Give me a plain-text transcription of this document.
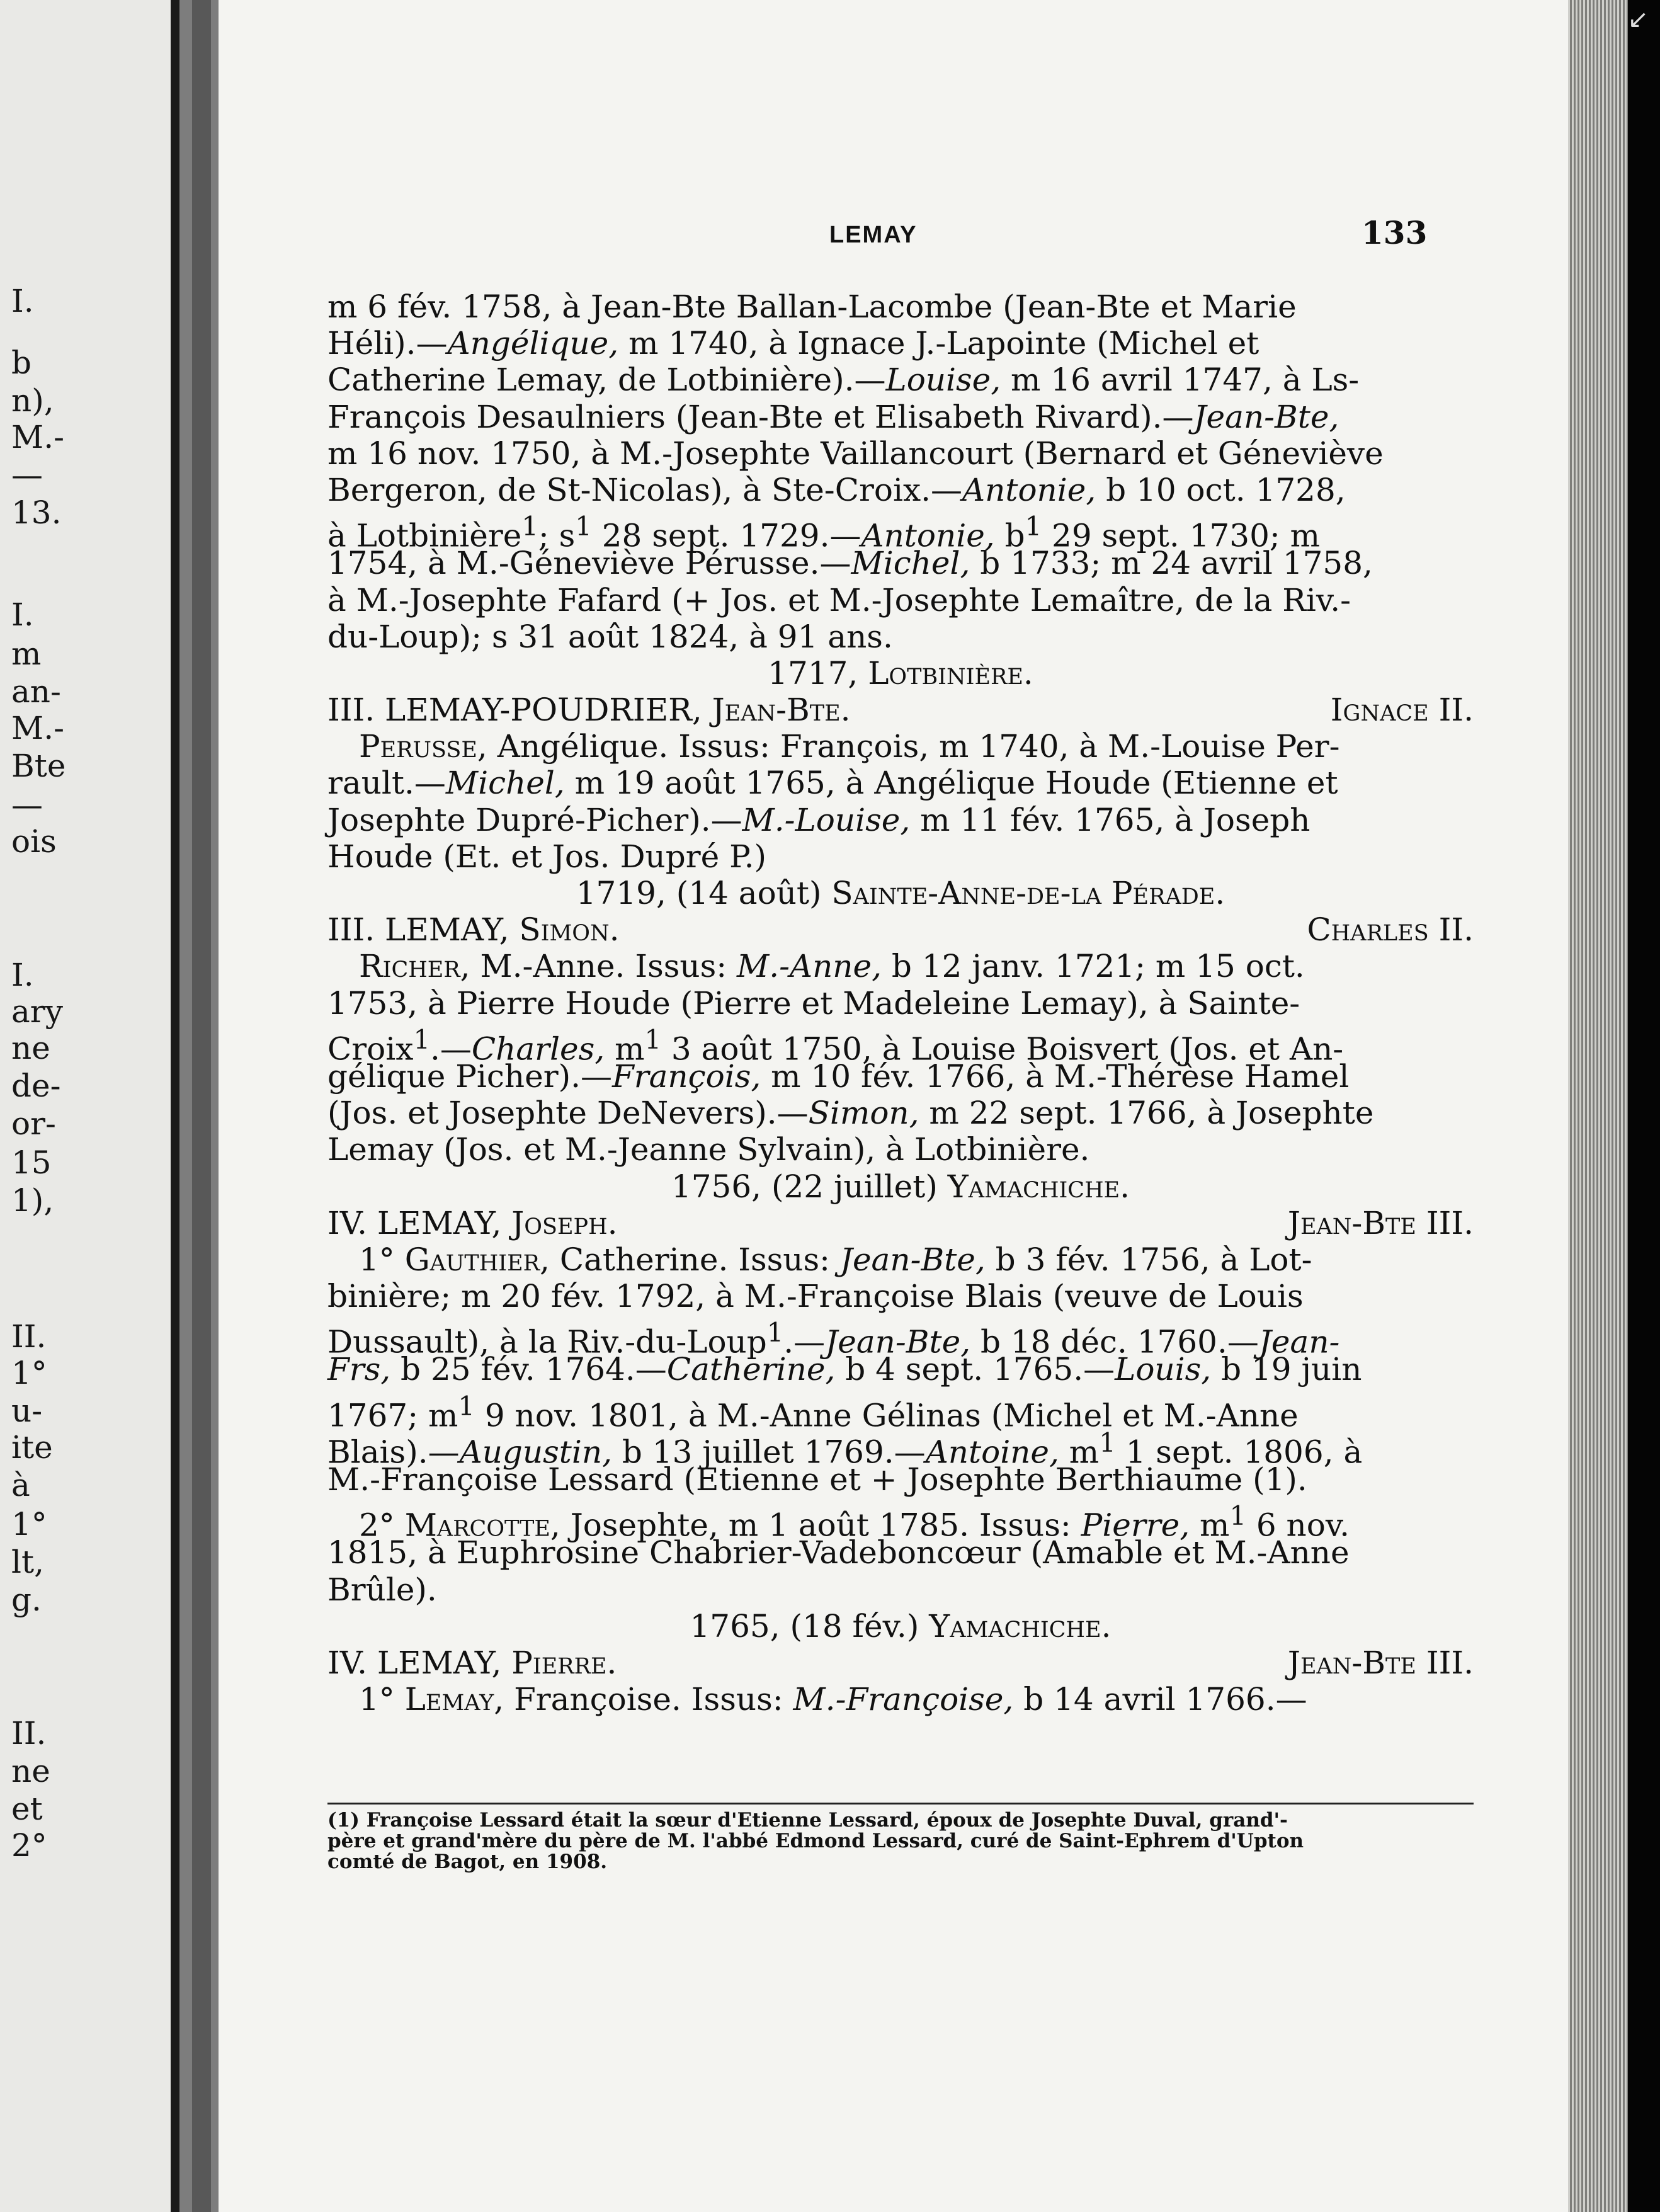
I.
b
n),
M.-
—
13.
I.
m
an-
M.-
Bte
—
ois
I.
ary
ne
de-
or-
15
1),
II.
1°
u-
ite
à
1°
lt,
g.
II.
ne
et
2°
LEMAY	133
m 6 fév. 1758, à Jean-Bte Ballan-Lacombe (Jean-Bte et Marie
Héli).—Angélique, m 1740, à Ignace J.-Lapointe (Michel et
Catherine Lemay, de Lotbinière).—Louise, m 16 avril 1747, à Ls-
François Desaulniers (Jean-Bte et Elisabeth Rivard).—Jean-Bte,
m 16 nov. 1750, à M.-Josephte Vaillancourt (Bernard et Géneviève
Bergeron, de St-Nicolas), à Ste-Croix.—Antonie, b 10 oct. 1728,
à Lotbinière$^1$; $s^1$ 28 sept. 1729.—Antonie, $b^1$ 29 sept. 1730; m
1754, à M.-Géneviève Pérusse.—Michel, b 1733; m 24 avril 1758,
à M.-Josephte Fafard (+ Jos. et M.-Josephte Lemaître, de la Riv.-
du-Loup); s 31 août 1824, à 91 ans.
1717, Lotbinière.
III. LEMAY-POUDRIER, Jean-Bte.	Ignace II.
Perusse, Angélique. Issus: François, m 1740, à M.-Louise Per-
rault.—Michel, m 19 août 1765, à Angélique Houde (Etienne et
Josephte Dupré-Picher).—M.-Louise, m 11 fév. 1765, à Joseph
Houde (Et. et Jos. Dupré P.)
1719, (14 août) Sainte-Anne-de-la Pérade.
III. LEMAY, Simon.	Charles II.
Richer, M.-Anne. Issus: M.-Anne, b 12 janv. 1721; m 15 oct.
1753, à Pierre Houde (Pierre et Madeleine Lemay), à Sainte-
Croix$^1$.—Charles, $m^1$ 3 août 1750, à Louise Boisvert (Jos. et An-
gélique Picher).—François, m 10 fév. 1766, à M.-Thérèse Hamel
(Jos. et Josephte DeNevers).—Simon, m 22 sept. 1766, à Josephte
Lemay (Jos. et M.-Jeanne Sylvain), à Lotbinière.
1756, (22 juillet) Yamachiche.
IV. LEMAY, Joseph.	Jean-Bte III.
1° Gauthier, Catherine. Issus: Jean-Bte, b 3 fév. 1756, à Lot-
binière; m 20 fév. 1792, à M.-Françoise Blais (veuve de Louis
Dussault), à la Riv.-du-Loup$^1$.—Jean-Bte, b 18 déc. 1760.—Jean-
Frs, b 25 fév. 1764.—Catherine, b 4 sept. 1765.—Louis, b 19 juin
1767; $m^1$ 9 nov. 1801, à M.-Anne Gélinas (Michel et M.-Anne
Blais).—Augustin, b 13 juillet 1769.—Antoine, $m^1$ 1 sept. 1806, à
M.-Françoise Lessard (Etienne et + Josephte Berthiaume (1).
2° Marcotte, Josephte, m 1 août 1785. Issus: Pierre, $m^1$ 6 nov.
1815, à Euphrosine Chabrier-Vadeboncœur (Amable et M.-Anne
Brûle).
1765, (18 fév.) Yamachiche.
IV. LEMAY, Pierre.	Jean-Bte III.
1° Lemay, Françoise. Issus: M.-Françoise, b 14 avril 1766.—
(1) Françoise Lessard était la sœur d'Etienne Lessard, époux de Josephte Duval, grand'-
père et grand'mère du père de M. l'abbé Edmond Lessard, curé de Saint-Ephrem d'Upton
comté de Bagot, en 1908.
↙
